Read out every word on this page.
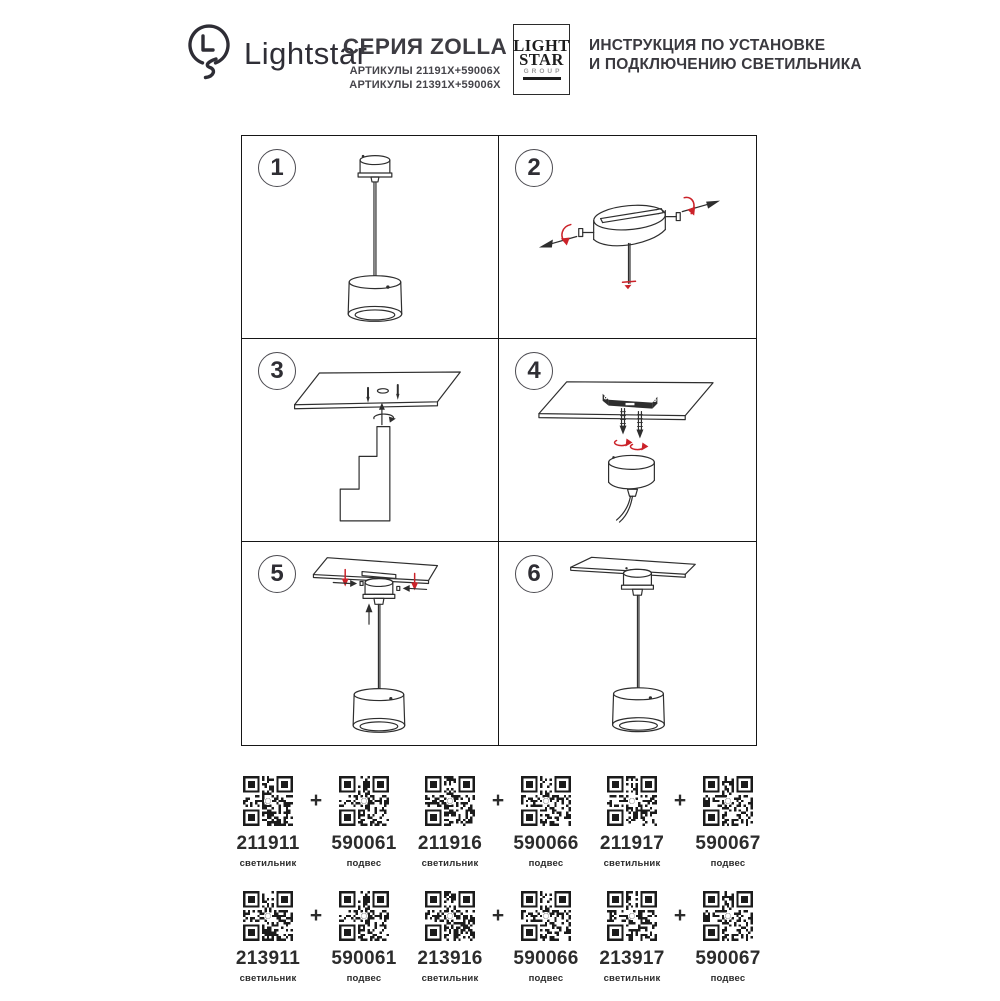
Lightstar
СЕРИЯ ZOLLA
АРТИКУЛЫ 21191X+59006X
АРТИКУЛЫ 21391X+59006X
LIGHT
STAR
GROUP
ИНСТРУКЦИЯ ПО УСТАНОВКЕ
И ПОДКЛЮЧЕНИЮ СВЕТИЛЬНИКА
1	2
3	4
5	6
211911
светильник
+
590061
подвес
211916
светильник
+
590066
подвес
211917
светильник
+
590067
подвес
213911
светильник
+
590061
подвес
213916
светильник
+
590066
подвес
213917
светильник
+
590067
подвес
